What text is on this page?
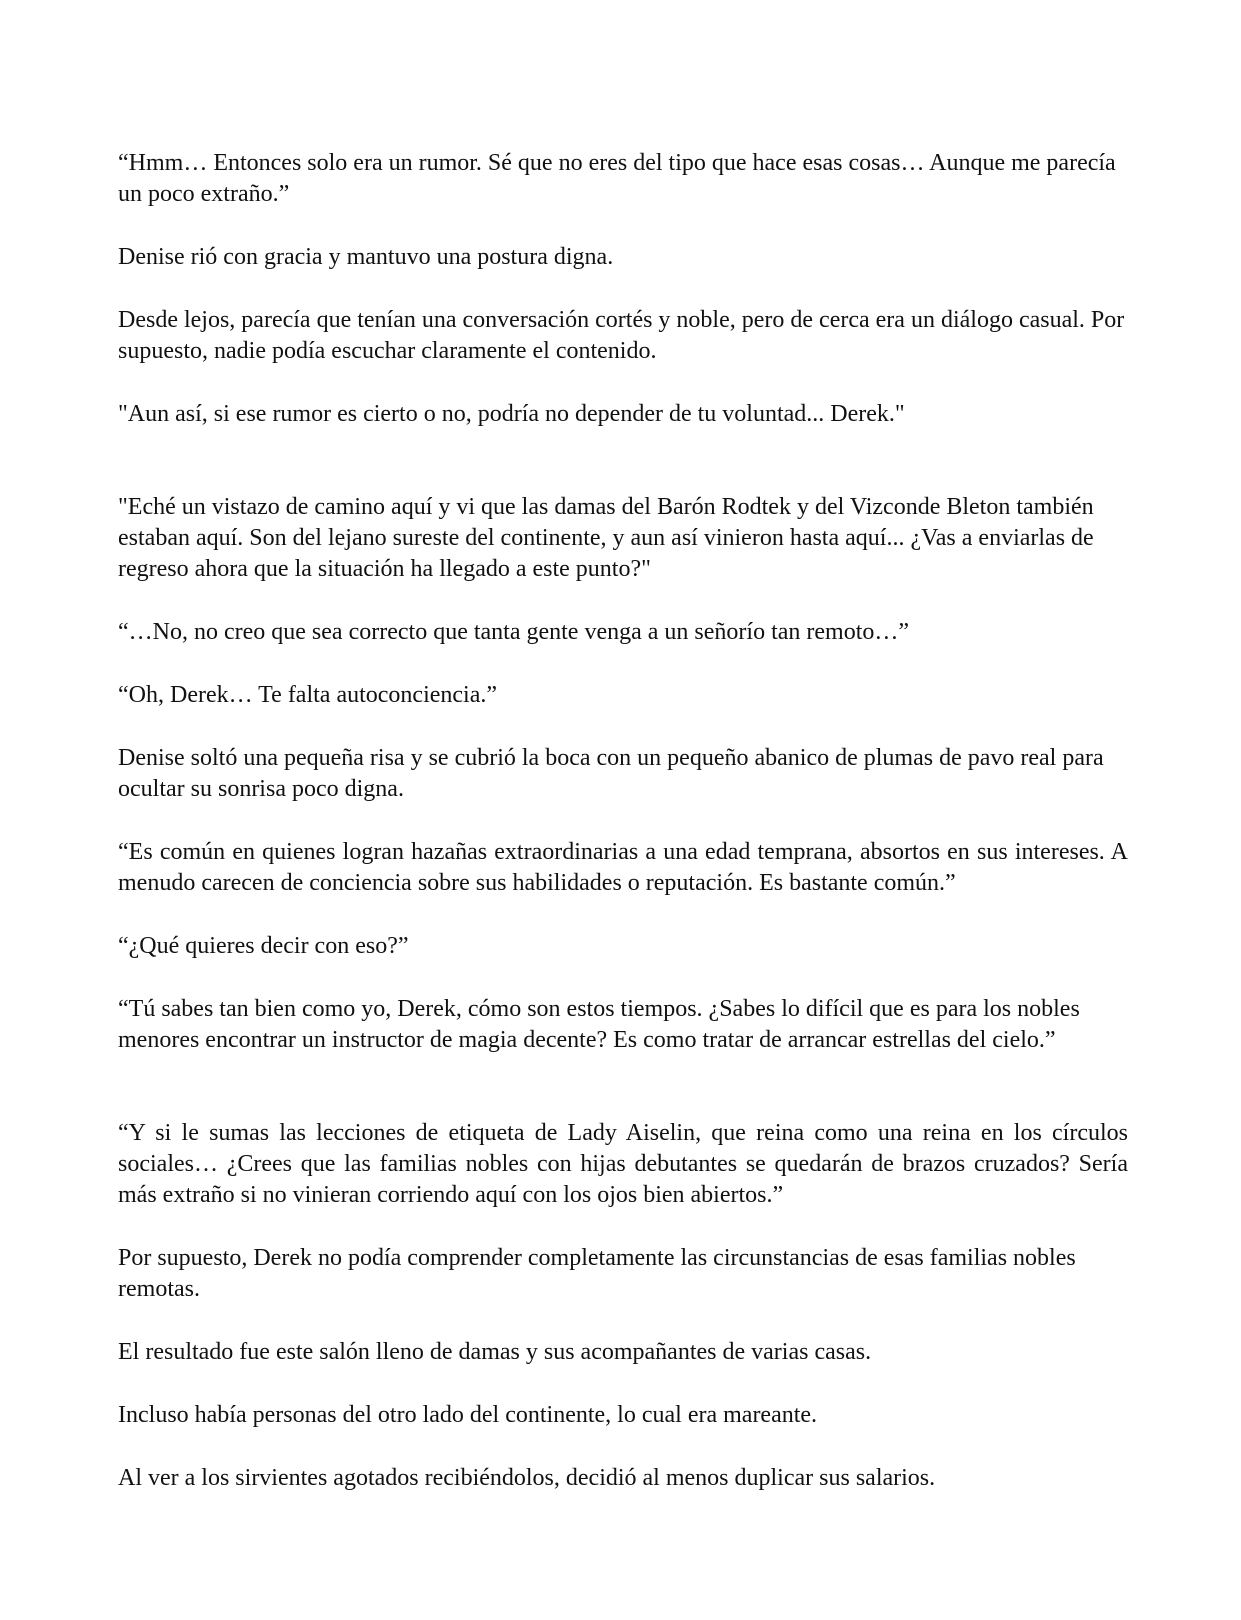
“Hmm… Entonces solo era un rumor. Sé que no eres del tipo que hace esas cosas… Aunque me parecía un poco extraño.”

Denise rió con gracia y mantuvo una postura digna.

Desde lejos, parecía que tenían una conversación cortés y noble, pero de cerca era un diálogo casual. Por supuesto, nadie podía escuchar claramente el contenido.

"Aun así, si ese rumor es cierto o no, podría no depender de tu voluntad... Derek."

"Eché un vistazo de camino aquí y vi que las damas del Barón Rodtek y del Vizconde Bleton también estaban aquí. Son del lejano sureste del continente, y aun así vinieron hasta aquí... ¿Vas a enviarlas de regreso ahora que la situación ha llegado a este punto?"

“…No, no creo que sea correcto que tanta gente venga a un señorío tan remoto…”

“Oh, Derek… Te falta autoconciencia.”

Denise soltó una pequeña risa y se cubrió la boca con un pequeño abanico de plumas de pavo real para ocultar su sonrisa poco digna.

“Es común en quienes logran hazañas extraordinarias a una edad temprana, absortos en sus intereses. A menudo carecen de conciencia sobre sus habilidades o reputación. Es bastante común.”

“¿Qué quieres decir con eso?”

“Tú sabes tan bien como yo, Derek, cómo son estos tiempos. ¿Sabes lo difícil que es para los nobles menores encontrar un instructor de magia decente? Es como tratar de arrancar estrellas del cielo.”

“Y si le sumas las lecciones de etiqueta de Lady Aiselin, que reina como una reina en los círculos sociales… ¿Crees que las familias nobles con hijas debutantes se quedarán de brazos cruzados? Sería más extraño si no vinieran corriendo aquí con los ojos bien abiertos.”

Por supuesto, Derek no podía comprender completamente las circunstancias de esas familias nobles remotas.

El resultado fue este salón lleno de damas y sus acompañantes de varias casas.

Incluso había personas del otro lado del continente, lo cual era mareante.

Al ver a los sirvientes agotados recibiéndolos, decidió al menos duplicar sus salarios.
